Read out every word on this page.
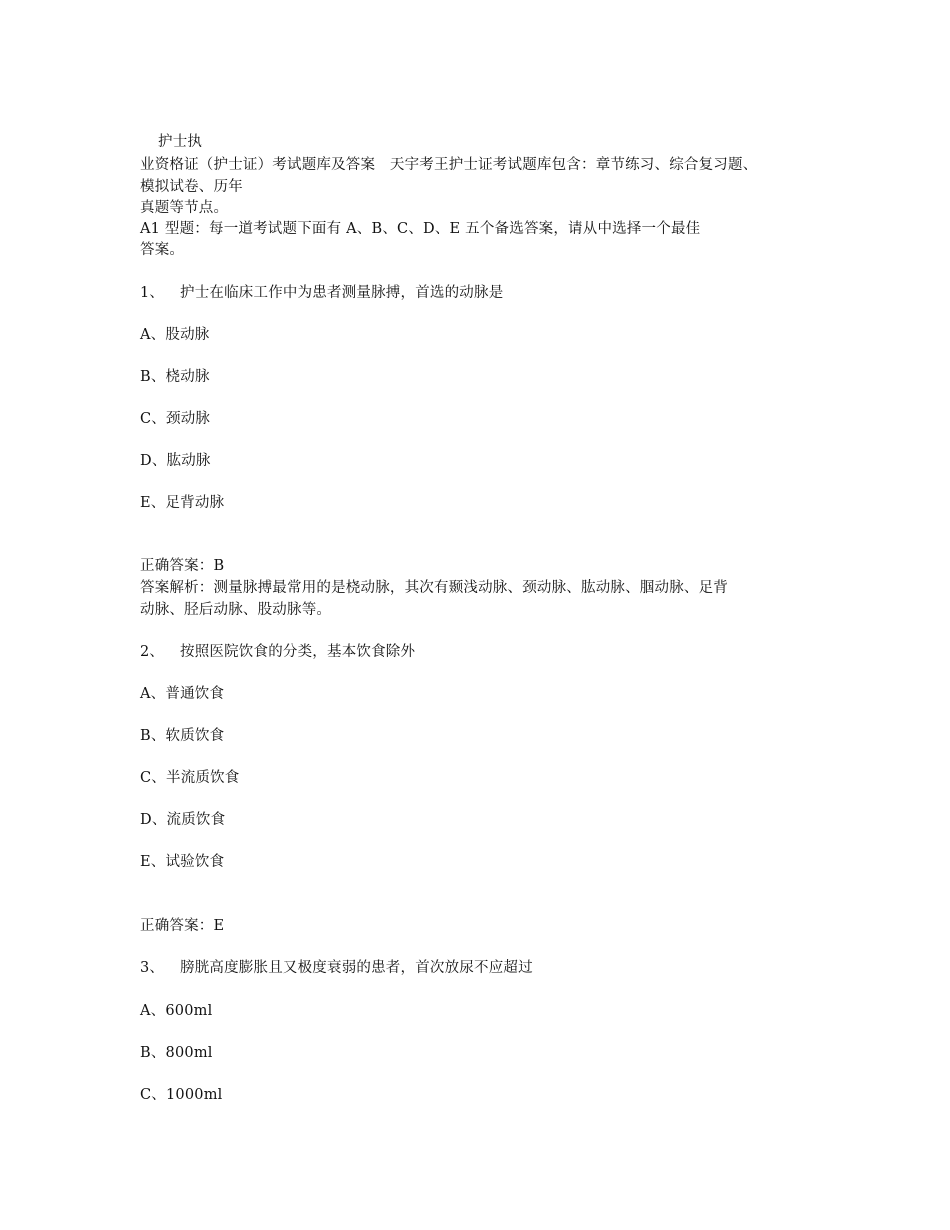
护士执
业资格证（护士证）考试题库及答案　天宇考王护士证考试题库包含：章节练习、综合复习题、
模拟试卷、历年
真题等节点。
A1 型题：每一道考试题下面有 A、B、C、D、E 五个备选答案，请从中选择一个最佳
答案。
1、 护士在临床工作中为患者测量脉搏，首选的动脉是
A、股动脉
B、桡动脉
C、颈动脉
D、肱动脉
E、足背动脉
正确答案：B
答案解析：测量脉搏最常用的是桡动脉，其次有颞浅动脉、颈动脉、肱动脉、腘动脉、足背
动脉、胫后动脉、股动脉等。
2、 按照医院饮食的分类，基本饮食除外
A、普通饮食
B、软质饮食
C、半流质饮食
D、流质饮食
E、试验饮食
正确答案：E
3、 膀胱高度膨胀且又极度衰弱的患者，首次放尿不应超过
A、600ml
B、800ml
C、1000ml
